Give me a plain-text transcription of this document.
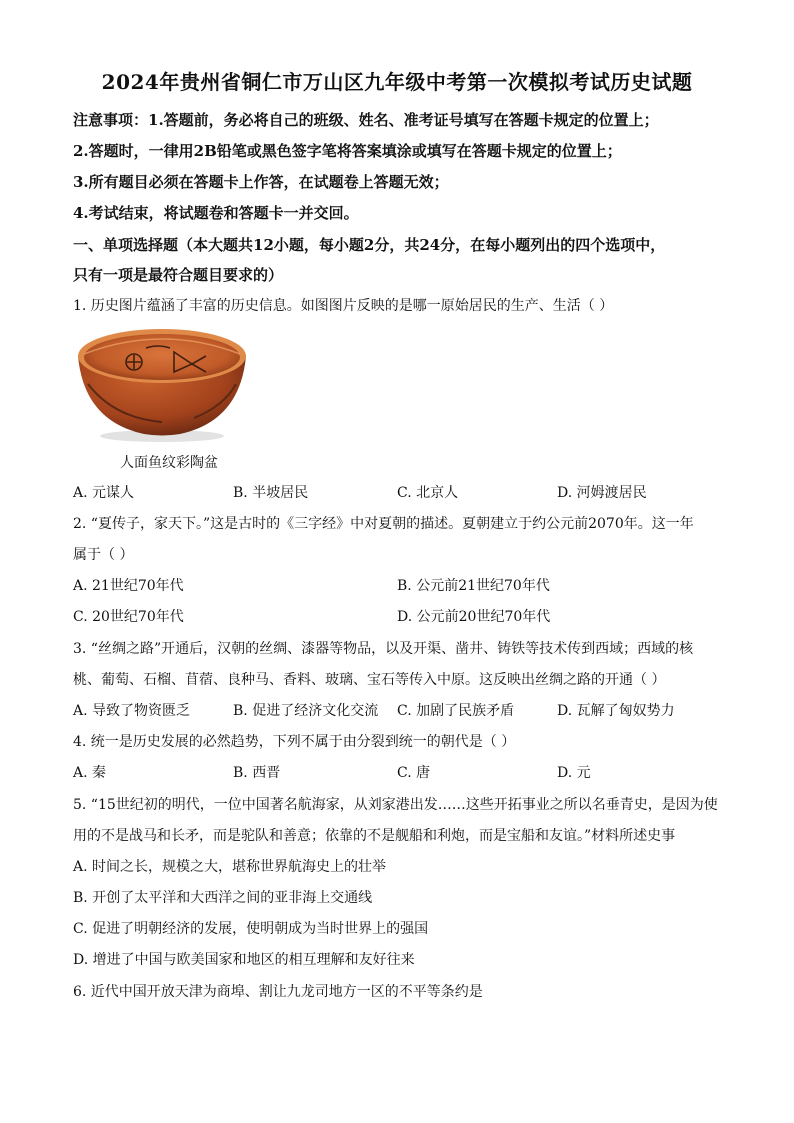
2024年贵州省铜仁市万山区九年级中考第一次模拟考试历史试题
注意事项：1.答题前，务必将自己的班级、姓名、准考证号填写在答题卡规定的位置上；
2.答题时，一律用2B铅笔或黑色签字笔将答案填涂或填写在答题卡规定的位置上；
3.所有题目必须在答题卡上作答，在试题卷上答题无效；
4.考试结束，将试题卷和答题卡一并交回。
一、单项选择题（本大题共12小题，每小题2分，共24分，在每小题列出的四个选项中，
只有一项是最符合题目要求的）
1. 历史图片蕴涵了丰富的历史信息。如图图片反映的是哪一原始居民的生产、生活（ ）
人面鱼纹彩陶盆
A. 元谋人	B. 半坡居民	C. 北京人	D. 河姆渡居民
2. “夏传子，家天下。”这是古时的《三字经》中对夏朝的描述。夏朝建立于约公元前2070年。这一年
属于（ ）
A. 21世纪70年代	B. 公元前21世纪70年代
C. 20世纪70年代	D. 公元前20世纪70年代
3. “丝绸之路”开通后，汉朝的丝绸、漆器等物品，以及开渠、凿井、铸铁等技术传到西域；西域的核
桃、葡萄、石榴、苜蓿、良种马、香料、玻璃、宝石等传入中原。这反映出丝绸之路的开通（ ）
A. 导致了物资匮乏	B. 促进了经济文化交流 C. 加剧了民族矛盾	D. 瓦解了匈奴势力
4. 统一是历史发展的必然趋势，下列不属于由分裂到统一的朝代是（ ）
A. 秦	B. 西晋	C. 唐	D. 元
5. “15世纪初的明代，一位中国著名航海家，从刘家港出发……这些开拓事业之所以名垂青史，是因为使
用的不是战马和长矛，而是驼队和善意；依靠的不是舰船和利炮，而是宝船和友谊。”材料所述史事
A. 时间之长，规模之大，堪称世界航海史上的壮举
B. 开创了太平洋和大西洋之间的亚非海上交通线
C. 促进了明朝经济的发展，使明朝成为当时世界上的强国
D. 增进了中国与欧美国家和地区的相互理解和友好往来
6. 近代中国开放天津为商埠、割让九龙司地方一区的不平等条约是
